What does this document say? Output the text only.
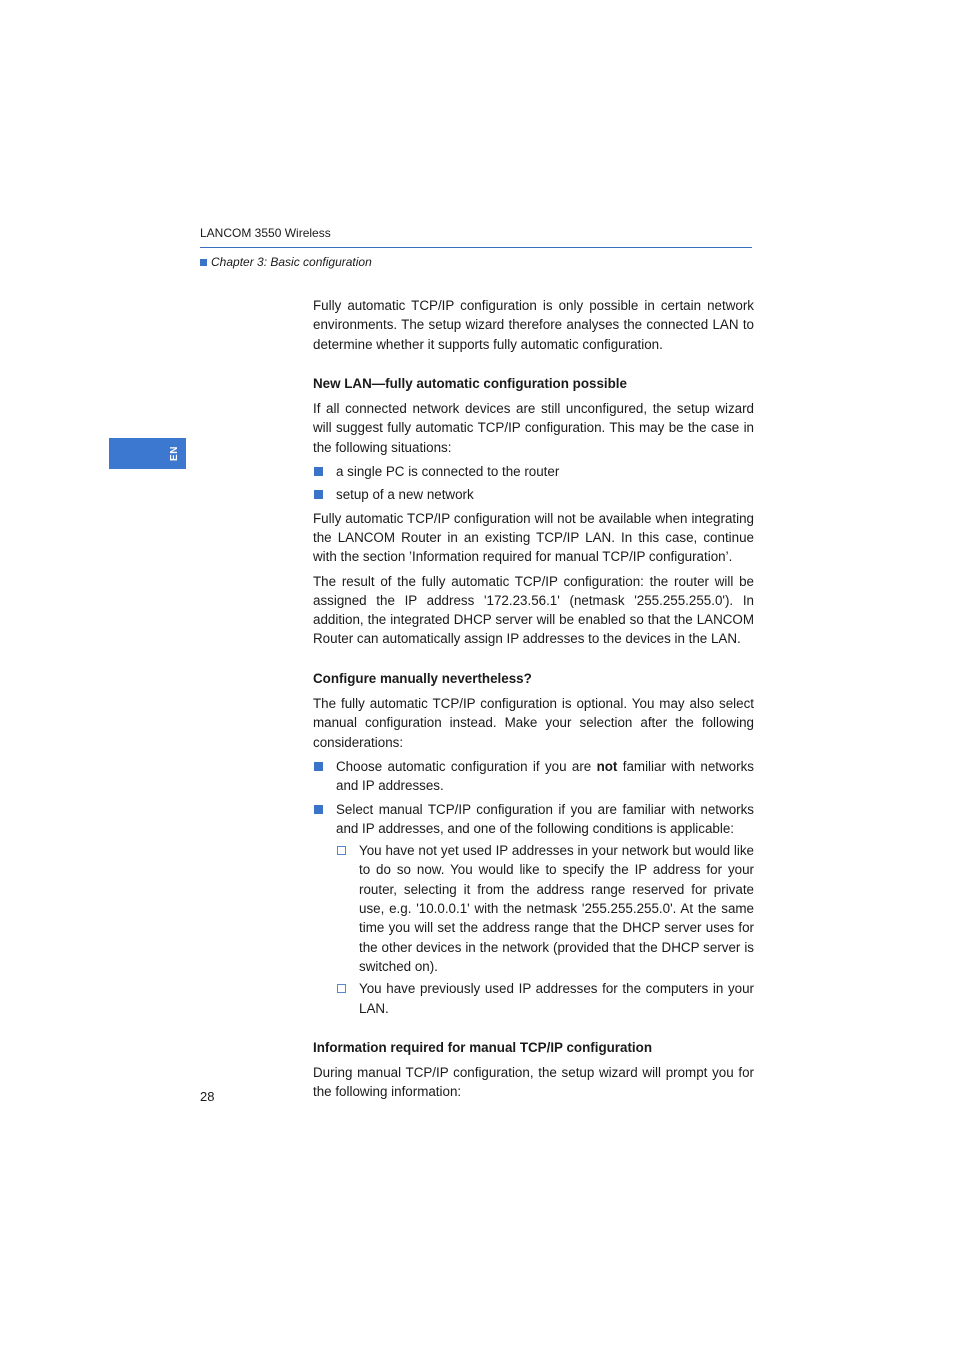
LANCOM 3550 Wireless
Chapter 3: Basic configuration
EN

Fully automatic TCP/IP configuration is only possible in certain network environments. The setup wizard therefore analyses the connected LAN to determine whether it supports fully automatic configuration.

New LAN—fully automatic configuration possible

If all connected network devices are still unconfigured, the setup wizard will suggest fully automatic TCP/IP configuration. This may be the case in the following situations:

a single PC is connected to the router
setup of a new network

Fully automatic TCP/IP configuration will not be available when integrating the LANCOM Router in an existing TCP/IP LAN. In this case, continue with the section ’Information required for manual TCP/IP configuration’.

The result of the fully automatic TCP/IP configuration: the router will be assigned the IP address '172.23.56.1' (netmask '255.255.255.0'). In addition, the integrated DHCP server will be enabled so that the LANCOM Router can automatically assign IP addresses to the devices in the LAN.

Configure manually nevertheless?

The fully automatic TCP/IP configuration is optional. You may also select manual configuration instead. Make your selection after the following considerations:

Choose automatic configuration if you are not familiar with networks and IP addresses.
Select manual TCP/IP configuration if you are familiar with networks and IP addresses, and one of the following conditions is applicable:
You have not yet used IP addresses in your network but would like to do so now. You would like to specify the IP address for your router, selecting it from the address range reserved for private use, e.g. '10.0.0.1' with the netmask '255.255.255.0'. At the same time you will set the address range that the DHCP server uses for the other devices in the network (provided that the DHCP server is switched on).
You have previously used IP addresses for the computers in your LAN.
Information required for manual TCP/IP configuration

During manual TCP/IP configuration, the setup wizard will prompt you for the following information:

28
